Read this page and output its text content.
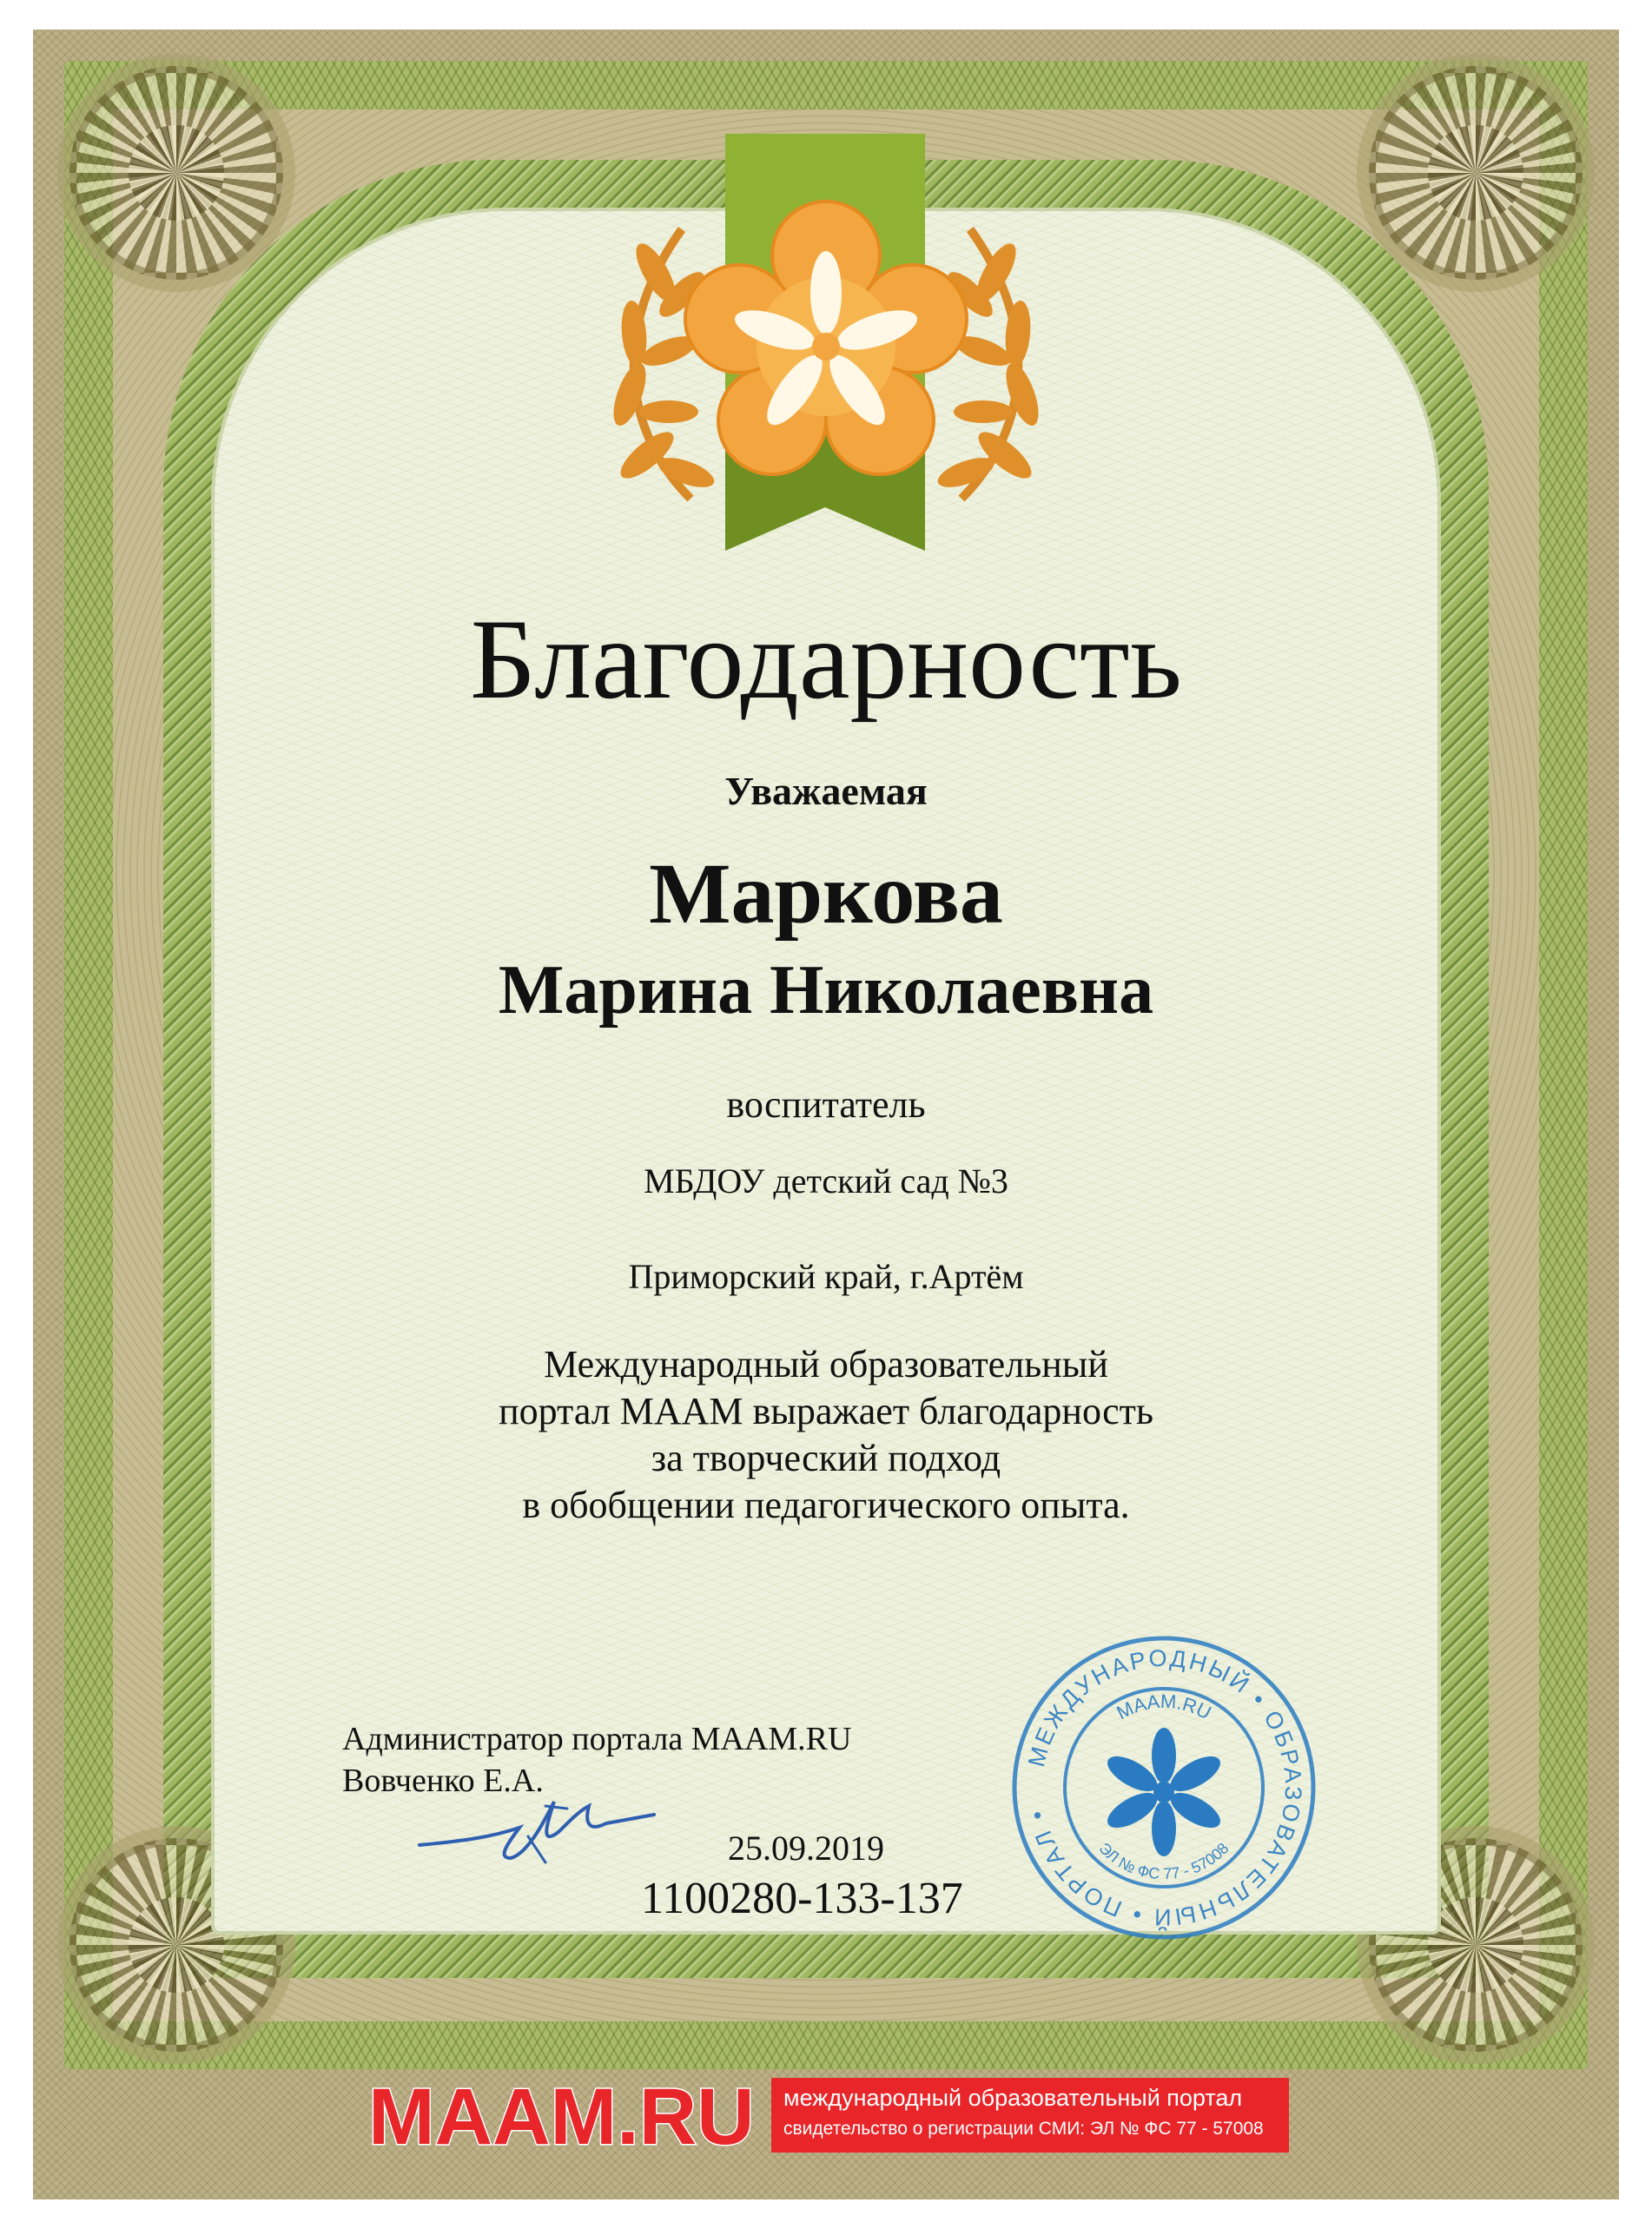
Благодарность
Уважаемая
Маркова
Марина Николаевна
воспитатель
МБДОУ детский сад №3
Приморский край, г.Артём
Международный образовательный
портал МААМ выражает благодарность
за творческий подход
в обобщении педагогического опыта.
Администратор портала MAAM.RU
Вовченко Е.А.
25.09.2019
1100280-133-137
МЕЖДУНАРОДНЫЙ • ОБРАЗОВАТЕЛЬНЫЙ • ПОРТАЛ •
MAAM.RU
ЭЛ № ФС 77 - 57008
MAAM.RU международный образовательный портал
свидетельство о регистрации СМИ: ЭЛ № ФС 77 - 57008
